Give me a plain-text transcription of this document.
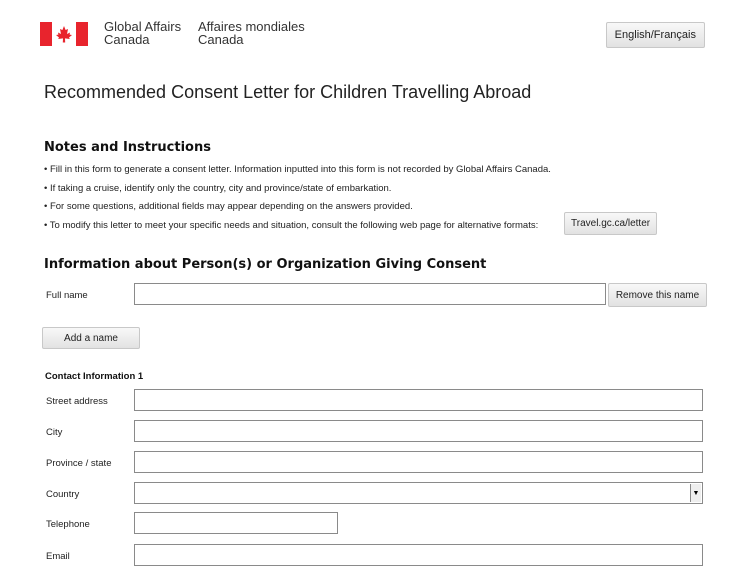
Global Affairs
Canada
Affaires mondiales
Canada	English/Français
Recommended Consent Letter for Children Travelling Abroad
Notes and Instructions
• Fill in this form to generate a consent letter. Information inputted into this form is not recorded by Global Affairs Canada.
• If taking a cruise, identify only the country, city and province/state of embarkation.
• For some questions, additional fields may appear depending on the answers provided.
• To modify this letter to meet your specific needs and situation, consult the following web page for alternative formats:	Travel.gc.ca/letter
Information about Person(s) or Organization Giving Consent
Full name	Remove this name
Add a name
Contact Information 1
Street address
City
Province / state
Country	▼
Telephone
Email
